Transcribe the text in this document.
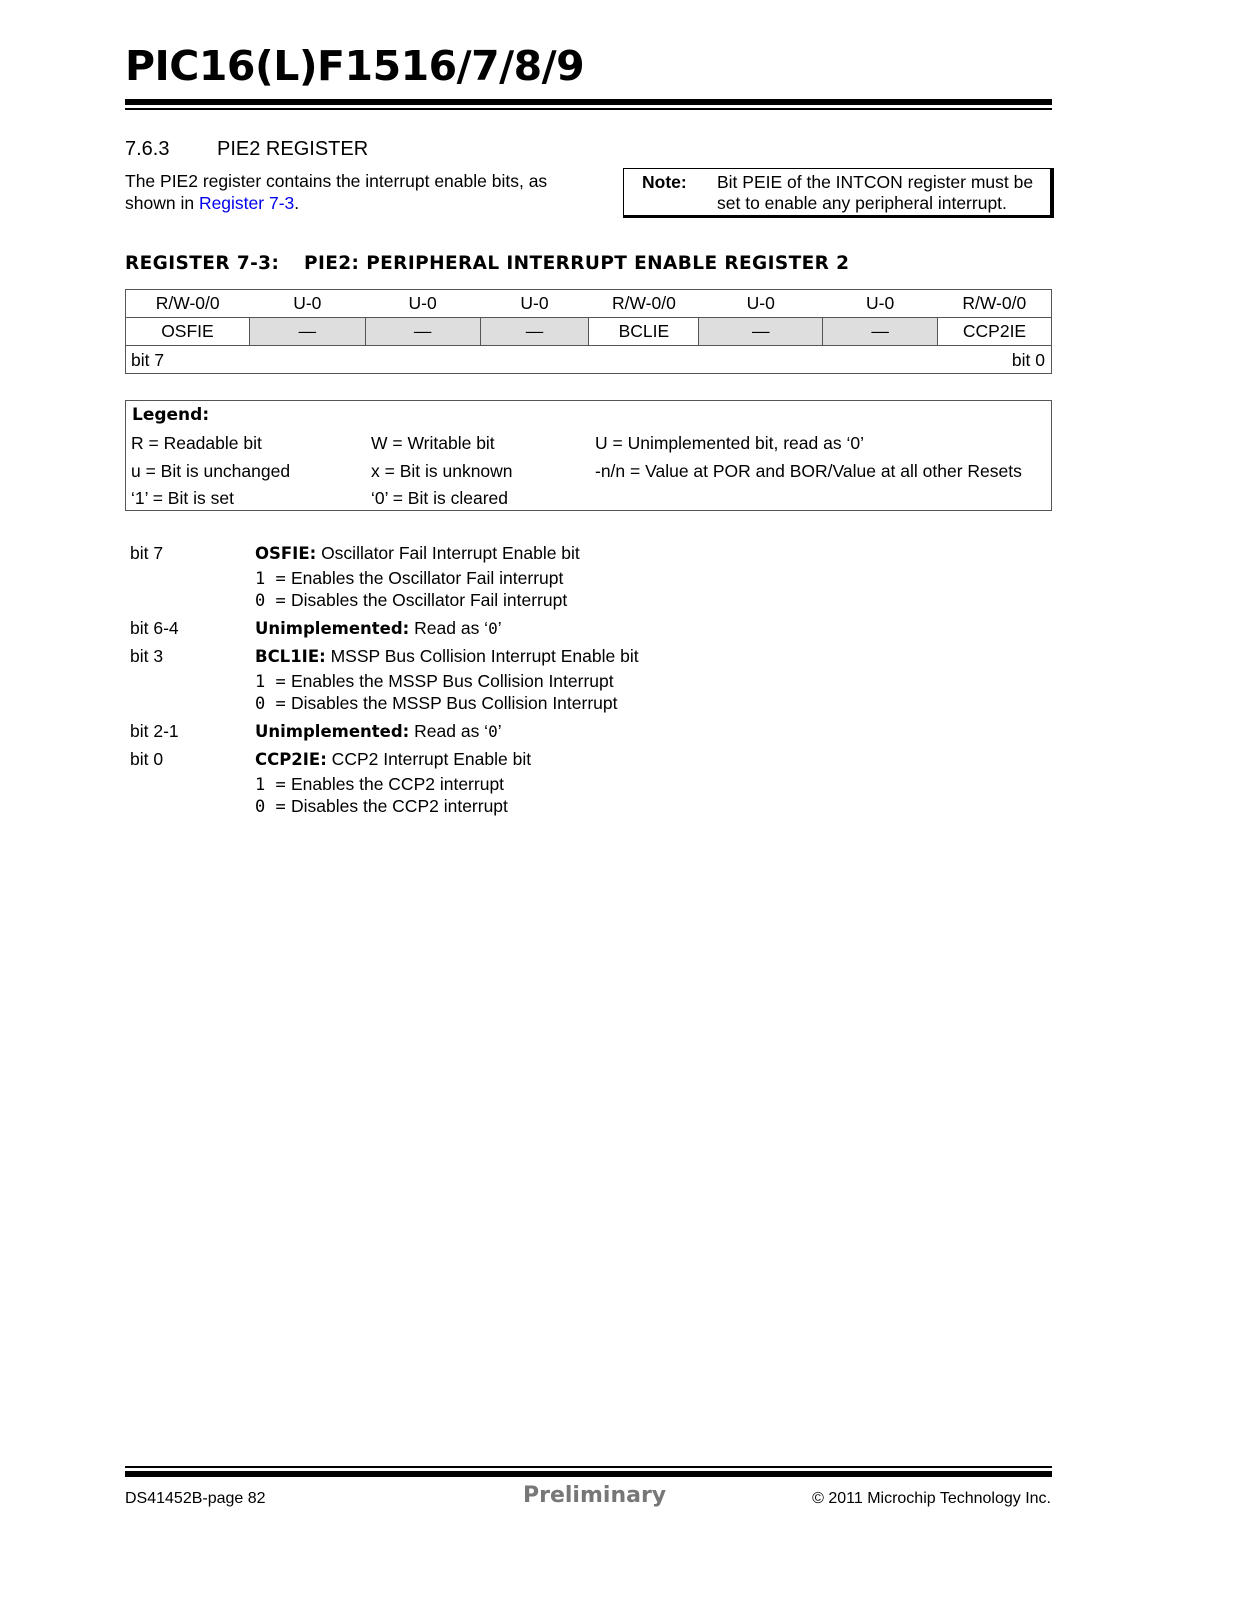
PIC16(L)F1516/7/8/9
7.6.3 PIE2 REGISTER
The PIE2 register contains the interrupt enable bits, as shown in Register 7-3.
Note:	Bit PEIE of the INTCON register must be set to enable any peripheral interrupt.
REGISTER 7-3: PIE2: PERIPHERAL INTERRUPT ENABLE REGISTER 2
R/W-0/0	U-0	U-0	U-0	R/W-0/0	U-0	U-0	R/W-0/0
OSFIE	—	—	—	BCLIE	—	—	CCP2IE

bit 7 bit 0							
Legend:
R = Readable bit	W = Writable bit	U = Unimplemented bit, read as ‘0’
u = Bit is unchanged	x = Bit is unknown	-n/n = Value at POR and BOR/Value at all other Resets
‘1’ = Bit is set	‘0’ = Bit is cleared
bit 7	OSFIE: Oscillator Fail Interrupt Enable bit
1 = Enables the Oscillator Fail interrupt
0 = Disables the Oscillator Fail interrupt
bit 6-4	Unimplemented: Read as ‘0’
bit 3	BCL1IE: MSSP Bus Collision Interrupt Enable bit
1 = Enables the MSSP Bus Collision Interrupt
0 = Disables the MSSP Bus Collision Interrupt
bit 2-1	Unimplemented: Read as ‘0’
bit 0	CCP2IE: CCP2 Interrupt Enable bit
1 = Enables the CCP2 interrupt
0 = Disables the CCP2 interrupt
DS41452B-page 82	Preliminary	© 2011 Microchip Technology Inc.
